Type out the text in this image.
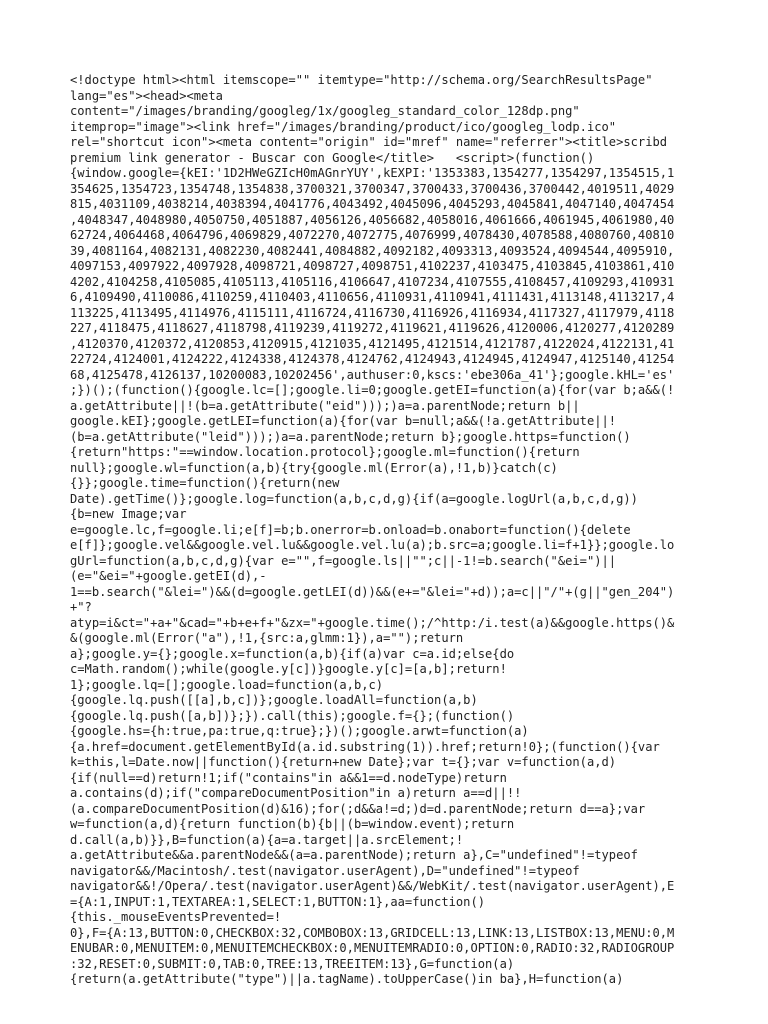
<!doctype html><html itemscope="" itemtype="http://schema.org/SearchResultsPage"
lang="es"><head><meta
content="/images/branding/googleg/1x/googleg_standard_color_128dp.png"
itemprop="image"><link href="/images/branding/product/ico/googleg_lodp.ico"
rel="shortcut icon"><meta content="origin" id="mref" name="referrer"><title>scribd
premium link generator - Buscar con Google</title>   <script>(function()
{window.google={kEI:'1D2HWeGZIcH0mAGnrYUY',kEXPI:'1353383,1354277,1354297,1354515,1
354625,1354723,1354748,1354838,3700321,3700347,3700433,3700436,3700442,4019511,4029
815,4031109,4038214,4038394,4041776,4043492,4045096,4045293,4045841,4047140,4047454
,4048347,4048980,4050750,4051887,4056126,4056682,4058016,4061666,4061945,4061980,40
62724,4064468,4064796,4069829,4072270,4072775,4076999,4078430,4078588,4080760,40810
39,4081164,4082131,4082230,4082441,4084882,4092182,4093313,4093524,4094544,4095910,
4097153,4097922,4097928,4098721,4098727,4098751,4102237,4103475,4103845,4103861,410
4202,4104258,4105085,4105113,4105116,4106647,4107234,4107555,4108457,4109293,410931
6,4109490,4110086,4110259,4110403,4110656,4110931,4110941,4111431,4113148,4113217,4
113225,4113495,4114976,4115111,4116724,4116730,4116926,4116934,4117327,4117979,4118
227,4118475,4118627,4118798,4119239,4119272,4119621,4119626,4120006,4120277,4120289
,4120370,4120372,4120853,4120915,4121035,4121495,4121514,4121787,4122024,4122131,41
22724,4124001,4124222,4124338,4124378,4124762,4124943,4124945,4124947,4125140,41254
68,4125478,4126137,10200083,10202456',authuser:0,kscs:'ebe306a_41'};google.kHL='es'
;})();(function(){google.lc=[];google.li=0;google.getEI=function(a){for(var b;a&&(!
a.getAttribute||!(b=a.getAttribute("eid")));)a=a.parentNode;return b||
google.kEI};google.getLEI=function(a){for(var b=null;a&&(!a.getAttribute||!
(b=a.getAttribute("leid")));)a=a.parentNode;return b};google.https=function()
{return"https:"==window.location.protocol};google.ml=function(){return
null};google.wl=function(a,b){try{google.ml(Error(a),!1,b)}catch(c)
{}};google.time=function(){return(new
Date).getTime()};google.log=function(a,b,c,d,g){if(a=google.logUrl(a,b,c,d,g))
{b=new Image;var
e=google.lc,f=google.li;e[f]=b;b.onerror=b.onload=b.onabort=function(){delete
e[f]};google.vel&&google.vel.lu&&google.vel.lu(a);b.src=a;google.li=f+1}};google.lo
gUrl=function(a,b,c,d,g){var e="",f=google.ls||"";c||-1!=b.search("&ei=")||
(e="&ei="+google.getEI(d),-
1==b.search("&lei=")&&(d=google.getLEI(d))&&(e+="&lei="+d));a=c||"/"+(g||"gen_204")
+"?
atyp=i&ct="+a+"&cad="+b+e+f+"&zx="+google.time();/^http:/i.test(a)&&google.https()&
&(google.ml(Error("a"),!1,{src:a,glmm:1}),a="");return
a};google.y={};google.x=function(a,b){if(a)var c=a.id;else{do
c=Math.random();while(google.y[c])}google.y[c]=[a,b];return!
1};google.lq=[];google.load=function(a,b,c)
{google.lq.push([[a],b,c])};google.loadAll=function(a,b)
{google.lq.push([a,b])};}).call(this);google.f={};(function()
{google.hs={h:true,pa:true,q:true};})();google.arwt=function(a)
{a.href=document.getElementById(a.id.substring(1)).href;return!0};(function(){var
k=this,l=Date.now||function(){return+new Date};var t={};var v=function(a,d)
{if(null==d)return!1;if("contains"in a&&1==d.nodeType)return
a.contains(d);if("compareDocumentPosition"in a)return a==d||!!
(a.compareDocumentPosition(d)&16);for(;d&&a!=d;)d=d.parentNode;return d==a};var
w=function(a,d){return function(b){b||(b=window.event);return
d.call(a,b)}},B=function(a){a=a.target||a.srcElement;!
a.getAttribute&&a.parentNode&&(a=a.parentNode);return a},C="undefined"!=typeof
navigator&&/Macintosh/.test(navigator.userAgent),D="undefined"!=typeof
navigator&&!/Opera/.test(navigator.userAgent)&&/WebKit/.test(navigator.userAgent),E
={A:1,INPUT:1,TEXTAREA:1,SELECT:1,BUTTON:1},aa=function()
{this._mouseEventsPrevented=!
0},F={A:13,BUTTON:0,CHECKBOX:32,COMBOBOX:13,GRIDCELL:13,LINK:13,LISTBOX:13,MENU:0,M
ENUBAR:0,MENUITEM:0,MENUITEMCHECKBOX:0,MENUITEMRADIO:0,OPTION:0,RADIO:32,RADIOGROUP
:32,RESET:0,SUBMIT:0,TAB:0,TREE:13,TREEITEM:13},G=function(a)
{return(a.getAttribute("type")||a.tagName).toUpperCase()in ba},H=function(a)
